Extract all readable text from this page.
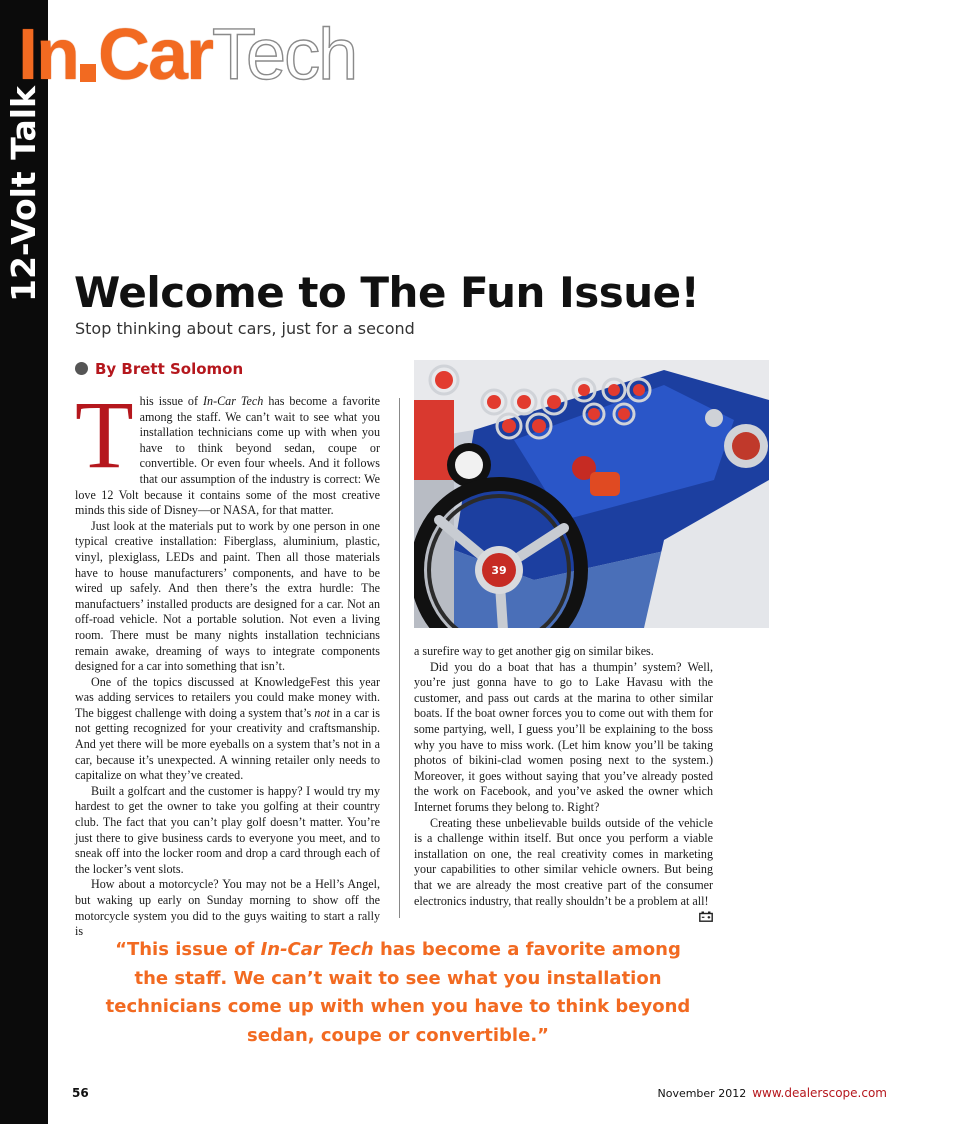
12-Volt Talk
In CarTech
Welcome to The Fun Issue!
Stop thinking about cars, just for a second
By Brett Solomon

This issue of In-Car Tech has become a favorite among the staff. We can’t wait to see what you installation technicians come up with when you have to think beyond sedan, coupe or convertible. Or even four wheels. And it follows that our assumption of the industry is correct: We love 12 Volt because it contains some of the most creative minds this side of Disney—or NASA, for that matter.

Just look at the materials put to work by one person in one typical creative installation: Fiberglass, aluminium, plastic, vinyl, plexiglass, LEDs and paint. Then all those materials have to house manufacturers’ components, and have to be wired up safely. And then there’s the extra hurdle: The manufactuers’ installed products are designed for a car. Not an off-road vehicle. Not a portable solution. Not even a living room. There must be many nights installation technicians remain awake, dreaming of ways to integrate components designed for a car into something that isn’t.

One of the topics discussed at KnowledgeFest this year was adding services to retailers you could make money with. The biggest challenge with doing a system that’s not in a car is not getting recognized for your creativity and craftsmanship. And yet there will be more eyeballs on a system that’s not in a car, because it’s unexpected. A winning retailer only needs to capitalize on what they’ve created.

Built a golfcart and the customer is happy? I would try my hardest to get the owner to take you golfing at their country club. The fact that you can’t play golf doesn’t matter. You’re just there to give business cards to everyone you meet, and to sneak off into the locker room and drop a card through each of the locker’s vent slots.

How about a motorcycle? You may not be a Hell’s Angel, but waking up early on Sunday morning to show off the motorcycle system you did to the guys waiting to start a rally is

39

a surefire way to get another gig on similar bikes.

Did you do a boat that has a thumpin’ system? Well, you’re just gonna have to go to Lake Havasu with the customer, and pass out cards at the marina to other similar boats. If the boat owner forces you to come out with them for some partying, well, I guess you’ll be explaining to the boss why you have to miss work. (Let him know you’ll be taking photos of bikini-clad women posing next to the system.) Moreover, it goes without saying that you’ve already posted the work on Facebook, and you’ve asked the owner which Internet forums they belong to. Right?

Creating these unbelievable builds outside of the vehicle is a challenge within itself. But once you perform a viable installation on one, the real creativity comes in marketing your capabilities to other similar vehicle owners. But being that we are already the most creative part of the consumer electronics industry, that really shouldn’t be a problem at all!

“This issue of In-Car Tech has become a favorite among the staff. We can’t wait to see what you installation technicians come up with when you have to think beyond sedan, coupe or convertible.”
56	November 2012 www.dealerscope.com
